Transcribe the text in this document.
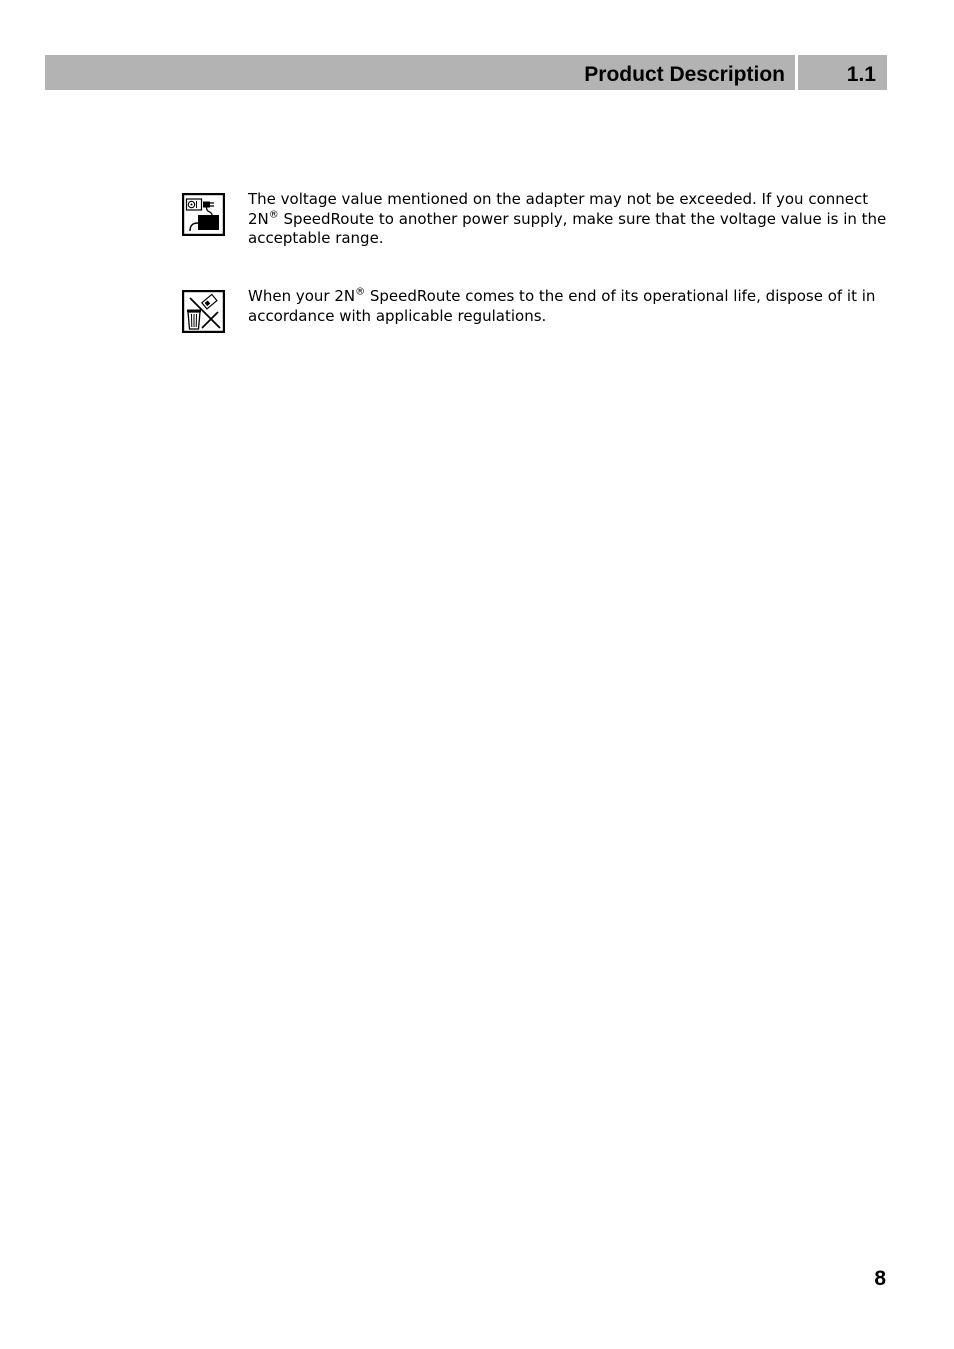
Product Description	1.1
The voltage value mentioned on the adapter may not be exceeded. If you connect 2N® SpeedRoute to another power supply, make sure that the voltage value is in the acceptable range.
When your 2N® SpeedRoute comes to the end of its operational life, dispose of it in accordance with applicable regulations.
8
